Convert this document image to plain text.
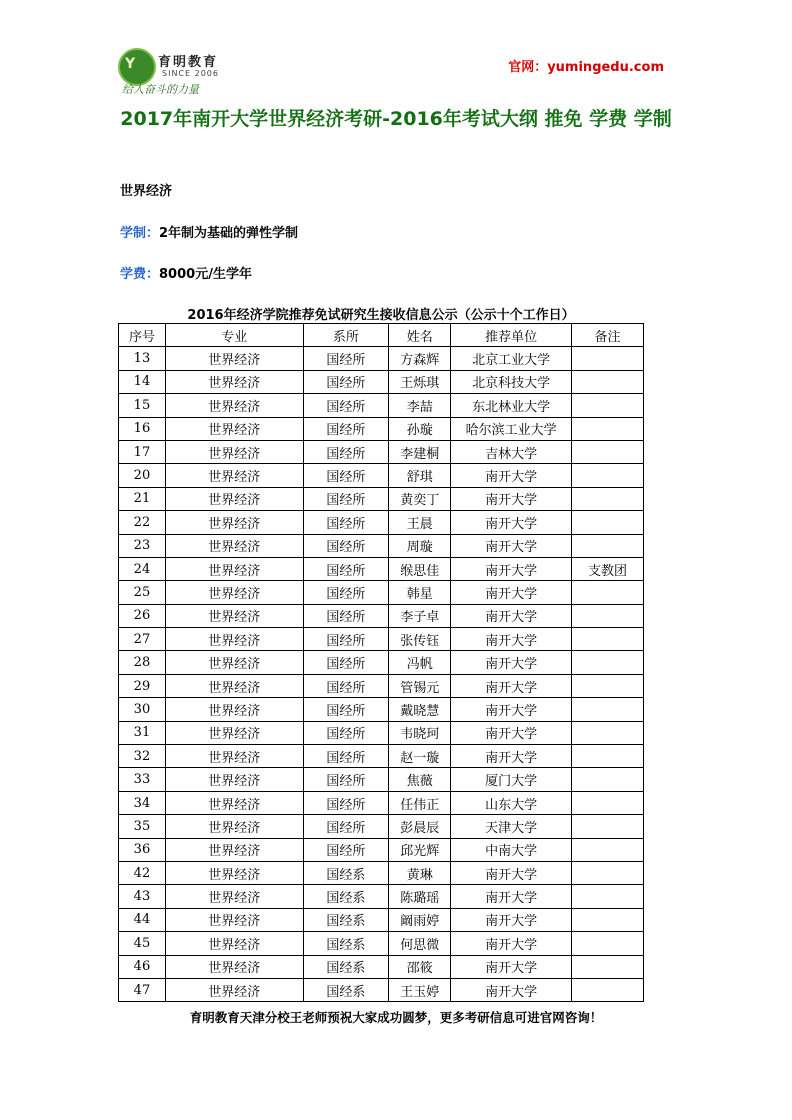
Y 育明教育
SINCE 2006
给人奋斗的力量
官网：yumingedu.com
2017年南开大学世界经济考研-2016年考试大纲 推免 学费 学制
世界经济
学制：2年制为基础的弹性学制
学费：8000元/生学年
2016年经济学院推荐免试研究生接收信息公示（公示十个工作日）
序号	专业	系所	姓名	推荐单位	备注
13	世界经济	国经所	方森辉	北京工业大学	
14	世界经济	国经所	王烁琪	北京科技大学	
15	世界经济	国经所	李喆	东北林业大学	
16	世界经济	国经所	孙璇	哈尔滨工业大学	
17	世界经济	国经所	李建桐	吉林大学	
20	世界经济	国经所	舒琪	南开大学	
21	世界经济	国经所	黄奕丁	南开大学	
22	世界经济	国经所	王晨	南开大学	
23	世界经济	国经所	周璇	南开大学	
24	世界经济	国经所	缑思佳	南开大学	支教团
25	世界经济	国经所	韩星	南开大学	
26	世界经济	国经所	李子卓	南开大学	
27	世界经济	国经所	张传钰	南开大学	
28	世界经济	国经所	冯帆	南开大学	
29	世界经济	国经所	管锡元	南开大学	
30	世界经济	国经所	戴晓慧	南开大学	
31	世界经济	国经所	韦晓珂	南开大学	
32	世界经济	国经所	赵一璇	南开大学	
33	世界经济	国经所	焦薇	厦门大学	
34	世界经济	国经所	任伟正	山东大学	
35	世界经济	国经所	彭晨辰	天津大学	
36	世界经济	国经所	邱光辉	中南大学	
42	世界经济	国经系	黄琳	南开大学	
43	世界经济	国经系	陈璐瑶	南开大学	
44	世界经济	国经系	阚雨婷	南开大学	
45	世界经济	国经系	何思微	南开大学	
46	世界经济	国经系	邵筱	南开大学	
47	世界经济	国经系	王玉婷	南开大学	
育明教育天津分校王老师预祝大家成功圆梦，更多考研信息可进官网咨询！
